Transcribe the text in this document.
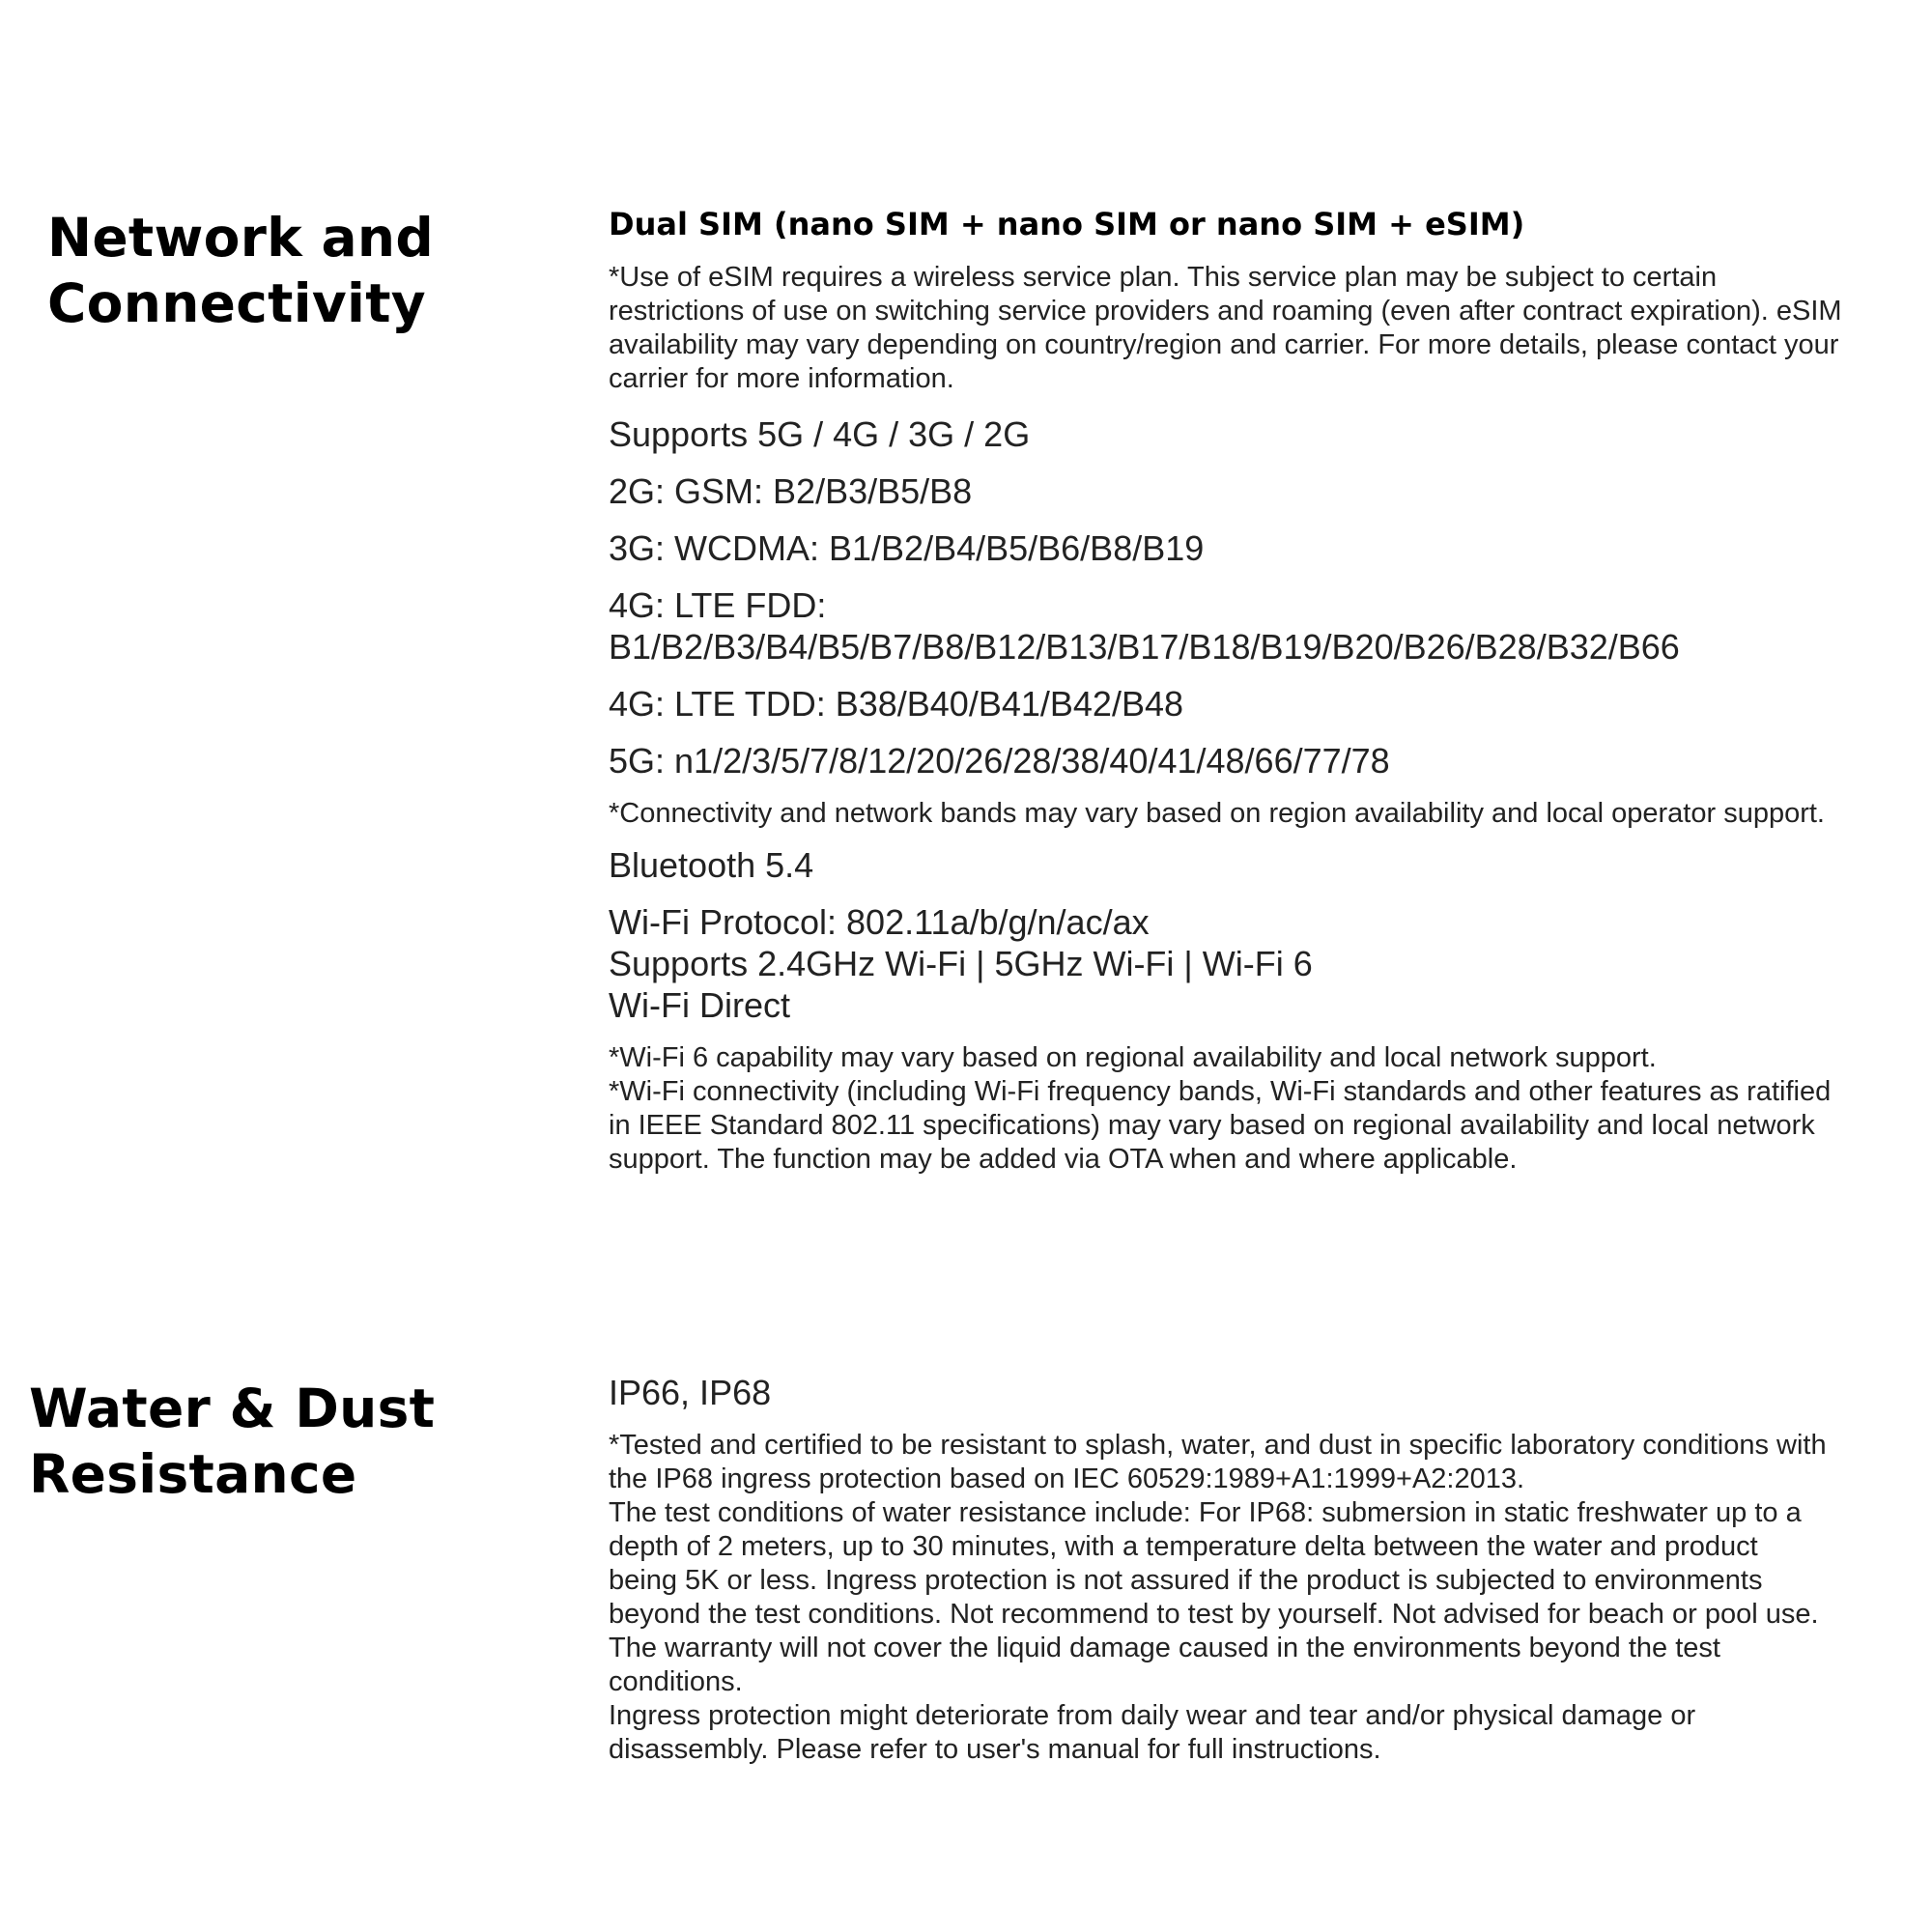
Network and
Connectivity

Dual SIM (nano SIM + nano SIM or nano SIM + eSIM)

*Use of eSIM requires a wireless service plan. This service plan may be subject to certain
restrictions of use on switching service providers and roaming (even after contract expiration). eSIM
availability may vary depending on country/region and carrier. For more details, please contact your
carrier for more information.

Supports 5G / 4G / 3G / 2G

2G: GSM: B2/B3/B5/B8

3G: WCDMA: B1/B2/B4/B5/B6/B8/B19

4G: LTE FDD:
B1/B2/B3/B4/B5/B7/B8/B12/B13/B17/B18/B19/B20/B26/B28/B32/B66

4G: LTE TDD: B38/B40/B41/B42/B48

5G: n1/2/3/5/7/8/12/20/26/28/38/40/41/48/66/77/78

*Connectivity and network bands may vary based on region availability and local operator support.

Bluetooth 5.4

Wi-Fi Protocol: 802.11a/b/g/n/ac/ax
Supports 2.4GHz Wi-Fi | 5GHz Wi-Fi | Wi-Fi 6
Wi-Fi Direct

*Wi-Fi 6 capability may vary based on regional availability and local network support.
*Wi-Fi connectivity (including Wi-Fi frequency bands, Wi-Fi standards and other features as ratified
in IEEE Standard 802.11 specifications) may vary based on regional availability and local network
support. The function may be added via OTA when and where applicable.

Water & Dust
Resistance

IP66, IP68

*Tested and certified to be resistant to splash, water, and dust in specific laboratory conditions with
the IP68 ingress protection based on IEC 60529:1989+A1:1999+A2:2013.
The test conditions of water resistance include: For IP68: submersion in static freshwater up to a
depth of 2 meters, up to 30 minutes, with a temperature delta between the water and product
being 5K or less. Ingress protection is not assured if the product is subjected to environments
beyond the test conditions. Not recommend to test by yourself. Not advised for beach or pool use.
The warranty will not cover the liquid damage caused in the environments beyond the test
conditions.
Ingress protection might deteriorate from daily wear and tear and/or physical damage or
disassembly. Please refer to user's manual for full instructions.
